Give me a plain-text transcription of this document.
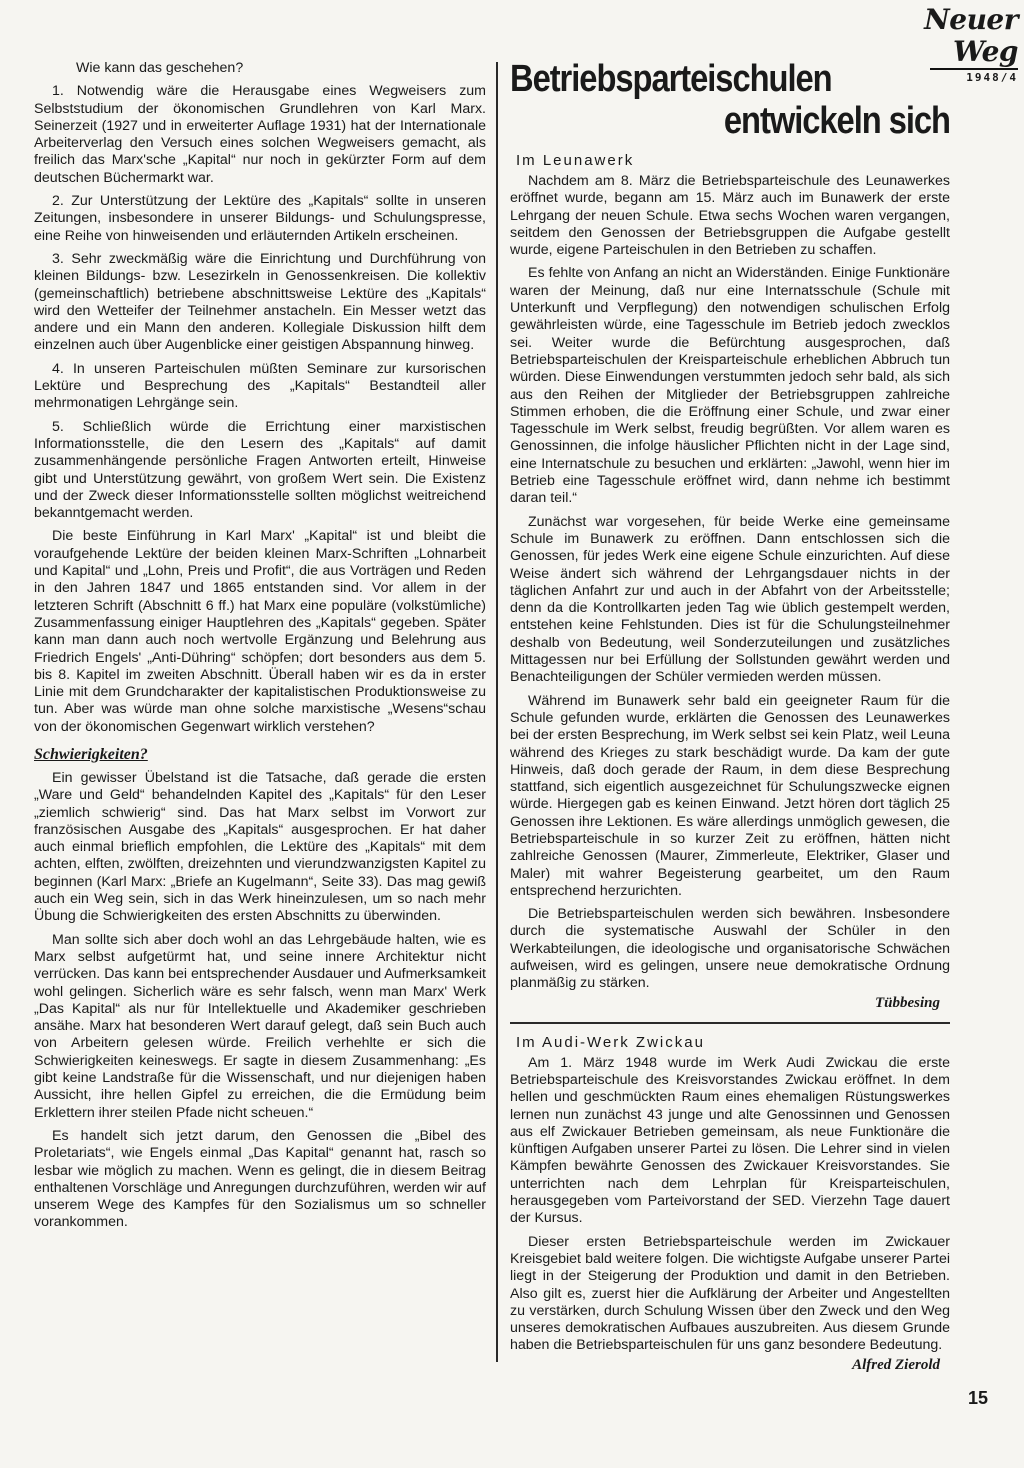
Neuer Weg
1948/4

Wie kann das geschehen?

1. Notwendig wäre die Herausgabe eines Wegweisers zum Selbststudium der ökonomischen Grundlehren von Karl Marx. Seinerzeit (1927 und in erweiterter Auflage 1931) hat der Internationale Arbeiterverlag den Versuch eines solchen Wegweisers gemacht, als freilich das Marx'sche „Kapital“ nur noch in gekürzter Form auf dem deutschen Büchermarkt war.

2. Zur Unterstützung der Lektüre des „Kapitals“ sollte in unseren Zeitungen, insbesondere in unserer Bildungs- und Schulungspresse, eine Reihe von hinweisenden und erläuternden Artikeln erscheinen.

3. Sehr zweckmäßig wäre die Einrichtung und Durchführung von kleinen Bildungs- bzw. Lesezirkeln in Genossenkreisen. Die kollektiv (gemeinschaftlich) betriebene abschnittsweise Lektüre des „Kapitals“ wird den Wetteifer der Teilnehmer anstacheln. Ein Messer wetzt das andere und ein Mann den anderen. Kollegiale Diskussion hilft dem einzelnen auch über Augenblicke einer geistigen Abspannung hinweg.

4. In unseren Parteischulen müßten Seminare zur kursorischen Lektüre und Besprechung des „Kapitals“ Bestandteil aller mehrmonatigen Lehrgänge sein.

5. Schließlich würde die Errichtung einer marxistischen Informationsstelle, die den Lesern des „Kapitals“ auf damit zusammenhängende persönliche Fragen Antworten erteilt, Hinweise gibt und Unterstützung gewährt, von großem Wert sein. Die Existenz und der Zweck dieser Informationsstelle sollten möglichst weitreichend bekanntgemacht werden.

Die beste Einführung in Karl Marx' „Kapital“ ist und bleibt die voraufgehende Lektüre der beiden kleinen Marx-Schriften „Lohnarbeit und Kapital“ und „Lohn, Preis und Profit“, die aus Vorträgen und Reden in den Jahren 1847 und 1865 entstanden sind. Vor allem in der letzteren Schrift (Abschnitt 6 ff.) hat Marx eine populäre (volkstümliche) Zusammenfassung einiger Hauptlehren des „Kapitals“ gegeben. Später kann man dann auch noch wertvolle Ergänzung und Belehrung aus Friedrich Engels' „Anti-Dühring“ schöpfen; dort besonders aus dem 5. bis 8. Kapitel im zweiten Abschnitt. Überall haben wir es da in erster Linie mit dem Grundcharakter der kapitalistischen Produktionsweise zu tun. Aber was würde man ohne solche marxistische „Wesens“schau von der ökonomischen Gegenwart wirklich verstehen?

Schwierigkeiten?

Ein gewisser Übelstand ist die Tatsache, daß gerade die ersten „Ware und Geld“ behandelnden Kapitel des „Kapitals“ für den Leser „ziemlich schwierig“ sind. Das hat Marx selbst im Vorwort zur französischen Ausgabe des „Kapitals“ ausgesprochen. Er hat daher auch einmal brieflich empfohlen, die Lektüre des „Kapitals“ mit dem achten, elften, zwölften, dreizehnten und vierundzwanzigsten Kapitel zu beginnen (Karl Marx: „Briefe an Kugelmann“, Seite 33). Das mag gewiß auch ein Weg sein, sich in das Werk hineinzulesen, um so nach mehr Übung die Schwierigkeiten des ersten Abschnitts zu überwinden.

Man sollte sich aber doch wohl an das Lehrgebäude halten, wie es Marx selbst aufgetürmt hat, und seine innere Architektur nicht verrücken. Das kann bei entsprechender Ausdauer und Aufmerksamkeit wohl gelingen. Sicherlich wäre es sehr falsch, wenn man Marx' Werk „Das Kapital“ als nur für Intellektuelle und Akademiker geschrieben ansähe. Marx hat besonderen Wert darauf gelegt, daß sein Buch auch von Arbeitern gelesen würde. Freilich verhehlte er sich die Schwierigkeiten keineswegs. Er sagte in diesem Zusammenhang: „Es gibt keine Landstraße für die Wissenschaft, und nur diejenigen haben Aussicht, ihre hellen Gipfel zu erreichen, die die Ermüdung beim Erklettern ihrer steilen Pfade nicht scheuen.“

Es handelt sich jetzt darum, den Genossen die „Bibel des Proletariats“, wie Engels einmal „Das Kapital“ genannt hat, rasch so lesbar wie möglich zu machen. Wenn es gelingt, die in diesem Beitrag enthaltenen Vorschläge und Anregungen durchzuführen, werden wir auf unserem Wege des Kampfes für den Sozialismus um so schneller vorankommen.

Betriebsparteischulen
entwickeln sich
Im Leunawerk

Nachdem am 8. März die Betriebsparteischule des Leunawerkes eröffnet wurde, begann am 15. März auch im Bunawerk der erste Lehrgang der neuen Schule. Etwa sechs Wochen waren vergangen, seitdem den Genossen der Betriebsgruppen die Aufgabe gestellt wurde, eigene Parteischulen in den Betrieben zu schaffen.

Es fehlte von Anfang an nicht an Widerständen. Einige Funktionäre waren der Meinung, daß nur eine Internatsschule (Schule mit Unterkunft und Verpflegung) den notwendigen schulischen Erfolg gewährleisten würde, eine Tagesschule im Betrieb jedoch zwecklos sei. Weiter wurde die Befürchtung ausgesprochen, daß Betriebsparteischulen der Kreisparteischule erheblichen Abbruch tun würden. Diese Einwendungen verstummten jedoch sehr bald, als sich aus den Reihen der Mitglieder der Betriebsgruppen zahlreiche Stimmen erhoben, die die Eröffnung einer Schule, und zwar einer Tagesschule im Werk selbst, freudig begrüßten. Vor allem waren es Genossinnen, die infolge häuslicher Pflichten nicht in der Lage sind, eine Internatschule zu besuchen und erklärten: „Jawohl, wenn hier im Betrieb eine Tagesschule eröffnet wird, dann nehme ich bestimmt daran teil.“

Zunächst war vorgesehen, für beide Werke eine gemeinsame Schule im Bunawerk zu eröffnen. Dann entschlossen sich die Genossen, für jedes Werk eine eigene Schule einzurichten. Auf diese Weise ändert sich während der Lehrgangsdauer nichts in der täglichen Anfahrt zur und auch in der Abfahrt von der Arbeitsstelle; denn da die Kontrollkarten jeden Tag wie üblich gestempelt werden, entstehen keine Fehlstunden. Dies ist für die Schulungsteilnehmer deshalb von Bedeutung, weil Sonderzuteilungen und zusätzliches Mittagessen nur bei Erfüllung der Sollstunden gewährt werden und Benachteiligungen der Schüler vermieden werden müssen.

Während im Bunawerk sehr bald ein geeigneter Raum für die Schule gefunden wurde, erklärten die Genossen des Leunawerkes bei der ersten Besprechung, im Werk selbst sei kein Platz, weil Leuna während des Krieges zu stark beschädigt wurde. Da kam der gute Hinweis, daß doch gerade der Raum, in dem diese Besprechung stattfand, sich eigentlich ausgezeichnet für Schulungszwecke eignen würde. Hiergegen gab es keinen Einwand. Jetzt hören dort täglich 25 Genossen ihre Lektionen. Es wäre allerdings unmöglich gewesen, die Betriebsparteischule in so kurzer Zeit zu eröffnen, hätten nicht zahlreiche Genossen (Maurer, Zimmerleute, Elektriker, Glaser und Maler) mit wahrer Begeisterung gearbeitet, um den Raum entsprechend herzurichten.

Die Betriebsparteischulen werden sich bewähren. Insbesondere durch die systematische Auswahl der Schüler in den Werkabteilungen, die ideologische und organisatorische Schwächen aufweisen, wird es gelingen, unsere neue demokratische Ordnung planmäßig zu stärken.

Tübbesing
Im Audi-Werk Zwickau

Am 1. März 1948 wurde im Werk Audi Zwickau die erste Betriebsparteischule des Kreisvorstandes Zwickau eröffnet. In dem hellen und geschmückten Raum eines ehemaligen Rüstungswerkes lernen nun zunächst 43 junge und alte Genossinnen und Genossen aus elf Zwickauer Betrieben gemeinsam, als neue Funktionäre die künftigen Aufgaben unserer Partei zu lösen. Die Lehrer sind in vielen Kämpfen bewährte Genossen des Zwickauer Kreisvorstandes. Sie unterrichten nach dem Lehrplan für Kreisparteischulen, herausgegeben vom Parteivorstand der SED. Vierzehn Tage dauert der Kursus.

Dieser ersten Betriebsparteischule werden im Zwickauer Kreisgebiet bald weitere folgen. Die wichtigste Aufgabe unserer Partei liegt in der Steigerung der Produktion und damit in den Betrieben. Also gilt es, zuerst hier die Aufklärung der Arbeiter und Angestellten zu verstärken, durch Schulung Wissen über den Zweck und den Weg unseres demokratischen Aufbaues auszubreiten. Aus diesem Grunde haben die Betriebsparteischulen für uns ganz besondere Bedeutung.

Alfred Zierold
15
